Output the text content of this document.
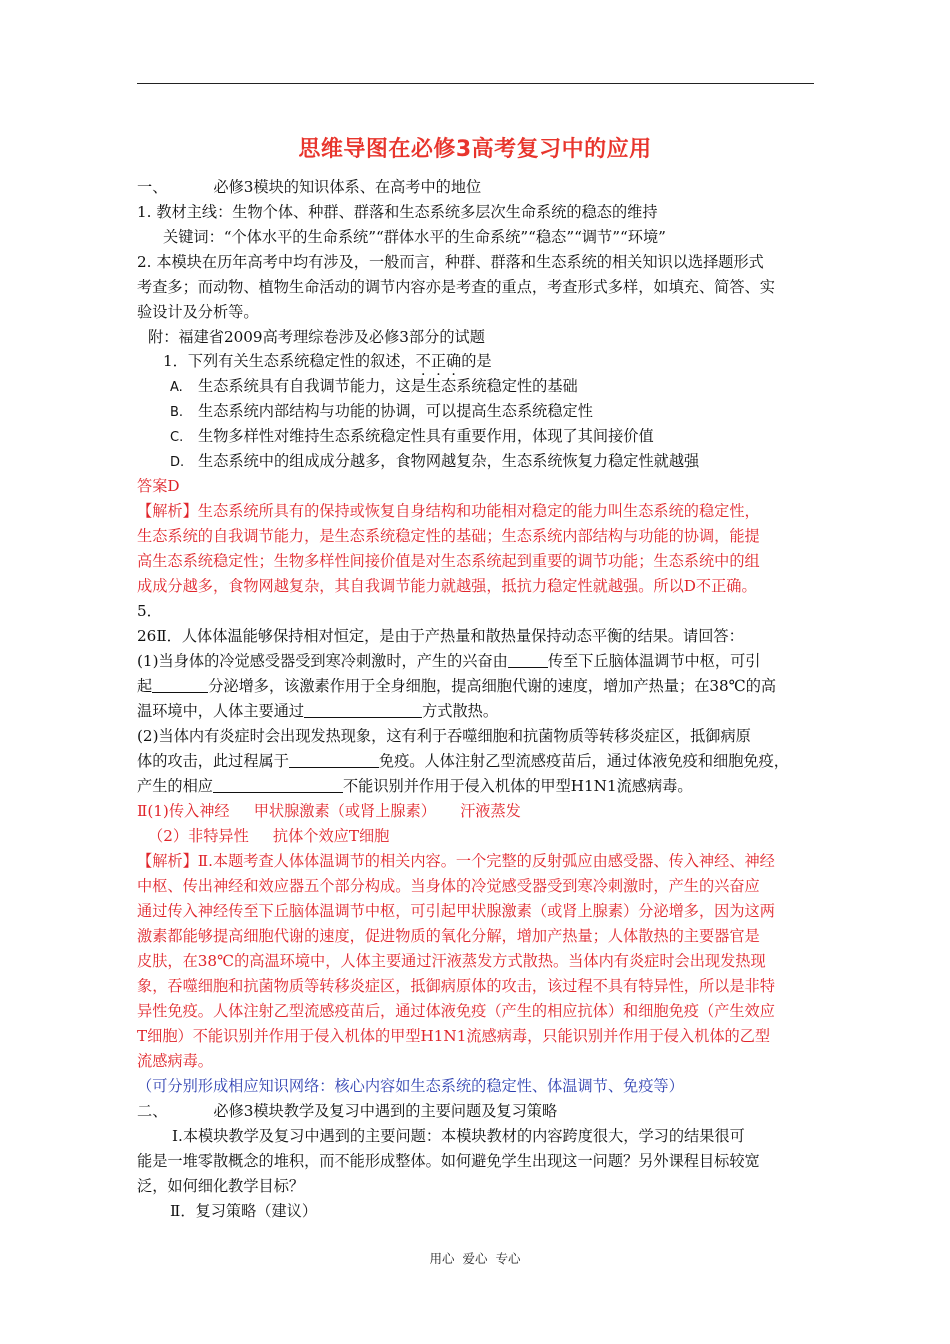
思维导图在必修3高考复习中的应用
一、	必修3模块的知识体系、在高考中的地位
1. 教材主线：生物个体、种群、群落和生态系统多层次生命系统的稳态的维持
关键词：“个体水平的生命系统”“群体水平的生命系统”“稳态”“调节”“环境”
2. 本模块在历年高考中均有涉及，一般而言，种群、群落和生态系统的相关知识以选择题形式
考查多；而动物、植物生命活动的调节内容亦是考查的重点，考查形式多样，如填充、简答、实
验设计及分析等。
附：福建省2009高考理综卷涉及必修3部分的试题
1．下列有关生态系统稳定性的叙述，不正确的是
A. 生态系统具有自我调节能力，这是生态系统稳定性的基础
B. 生态系统内部结构与功能的协调，可以提高生态系统稳定性
C. 生物多样性对维持生态系统稳定性具有重要作用，体现了其间接价值
D. 生态系统中的组成成分越多，食物网越复杂，生态系统恢复力稳定性就越强
答案D
【解析】生态系统所具有的保持或恢复自身结构和功能相对稳定的能力叫生态系统的稳定性，
生态系统的自我调节能力，是生态系统稳定性的基础；生态系统内部结构与功能的协调，能提
高生态系统稳定性；生物多样性间接价值是对生态系统起到重要的调节功能；生态系统中的组
成成分越多，食物网越复杂，其自我调节能力就越强，抵抗力稳定性就越强。所以D不正确。
5．
26Ⅱ．人体体温能够保持相对恒定，是由于产热量和散热量保持动态平衡的结果。请回答：
(1)当身体的冷觉感受器受到寒冷刺激时，产生的兴奋由	传至下丘脑体温调节中枢，可引
起	分泌增多，该激素作用于全身细胞，提高细胞代谢的速度，增加产热量；在38℃的高
温环境中，人体主要通过	方式散热。
(2)当体内有炎症时会出现发热现象，这有利于吞噬细胞和抗菌物质等转移炎症区，抵御病原
体的攻击，此过程属于	免疫。人体注射乙型流感疫苗后，通过体液免疫和细胞免疫，
产生的相应	不能识别并作用于侵入机体的甲型H1N1流感病毒。
Ⅱ(1)传入神经     甲状腺激素（或肾上腺素）     汗液蒸发
（2）非特异性     抗体个效应T细胞
【解析】Ⅱ.本题考查人体体温调节的相关内容。一个完整的反射弧应由感受器、传入神经、神经
中枢、传出神经和效应器五个部分构成。当身体的冷觉感受器受到寒冷刺激时，产生的兴奋应
通过传入神经传至下丘脑体温调节中枢，可引起甲状腺激素（或肾上腺素）分泌增多，因为这两
激素都能够提高细胞代谢的速度，促进物质的氧化分解，增加产热量；人体散热的主要器官是
皮肤，在38℃的高温环境中，人体主要通过汗液蒸发方式散热。当体内有炎症时会出现发热现
象，吞噬细胞和抗菌物质等转移炎症区，抵御病原体的攻击，该过程不具有特异性，所以是非特
异性免疫。人体注射乙型流感疫苗后，通过体液免疫（产生的相应抗体）和细胞免疫（产生效应
T细胞）不能识别并作用于侵入机体的甲型H1N1流感病毒，只能识别并作用于侵入机体的乙型
流感病毒。
（可分别形成相应知识网络：核心内容如生态系统的稳定性、体温调节、免疫等）
二、	必修3模块教学及复习中遇到的主要问题及复习策略
Ⅰ.本模块教学及复习中遇到的主要问题：本模块教材的内容跨度很大，学习的结果很可
能是一堆零散概念的堆积，而不能形成整体。如何避免学生出现这一问题？另外课程目标较宽
泛，如何细化教学目标？
Ⅱ．复习策略（建议）
用心  爱心  专心
